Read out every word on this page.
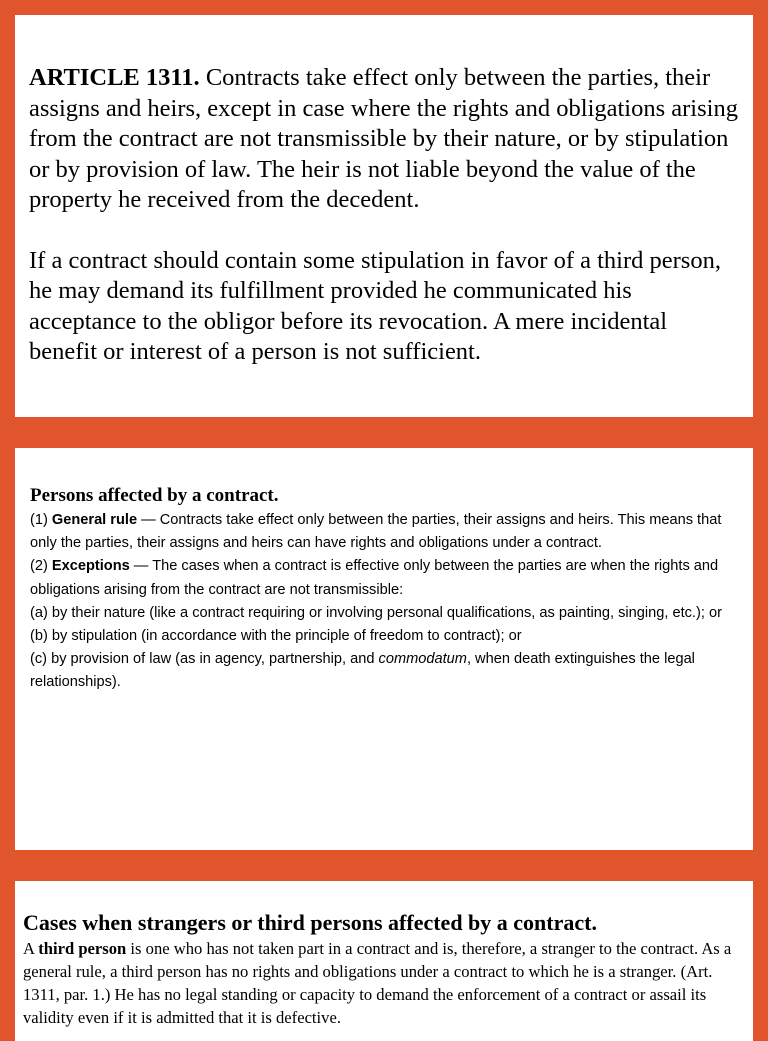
ARTICLE 1311. Contracts take effect only between the parties, their assigns and heirs, except in case where the rights and obligations arising from the contract are not transmissible by their nature, or by stipulation or by provision of law. The heir is not liable beyond the value of the property he received from the decedent.

If a contract should contain some stipulation in favor of a third person, he may demand its fulfillment provided he communicated his acceptance to the obligor before its revocation. A mere incidental benefit or interest of a person is not sufficient.

Persons affected by a contract.

(1) General rule — Contracts take effect only between the parties, their assigns and heirs. This means that only the parties, their assigns and heirs can have rights and obligations under a contract.

(2) Exceptions — The cases when a contract is effective only between the parties are when the rights and obligations arising from the contract are not transmissible:

(a) by their nature (like a contract requiring or involving personal qualifications, as painting, singing, etc.); or

(b) by stipulation (in accordance with the principle of freedom to contract); or

(c) by provision of law (as in agency, partnership, and commodatum, when death extinguishes the legal relationships).

Cases when strangers or third persons affected by a contract.

A third person is one who has not taken part in a contract and is, therefore, a stranger to the contract. As a general rule, a third person has no rights and obligations under a contract to which he is a stranger. (Art. 1311, par. 1.) He has no legal standing or capacity to demand the enforcement of a contract or assail its validity even if it is admitted that it is defective.
